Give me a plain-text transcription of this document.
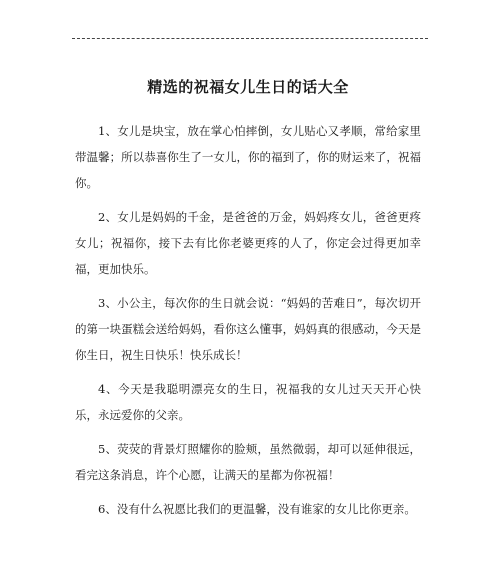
精选的祝福女儿生日的话大全

1、女儿是块宝，放在掌心怕摔倒，女儿贴心又孝顺，常给家里带温馨；所以恭喜你生了一女儿，你的福到了，你的财运来了，祝福你。

2、女儿是妈妈的千金，是爸爸的万金，妈妈疼女儿，爸爸更疼女儿；祝福你，接下去有比你老婆更疼的人了，你定会过得更加幸福，更加快乐。

3、小公主，每次你的生日就会说：“妈妈的苦难日”，每次切开的第一块蛋糕会送给妈妈，看你这么懂事，妈妈真的很感动，今天是你生日，祝生日快乐！快乐成长！

4、今天是我聪明漂亮女的生日，祝福我的女儿过天天开心快乐，永远爱你的父亲。

5、荧荧的背景灯照耀你的脸颊，虽然微弱，却可以延伸很远，看完这条消息，许个心愿，让满天的星都为你祝福！

6、没有什么祝愿比我们的更温馨，没有谁家的女儿比你更亲。
